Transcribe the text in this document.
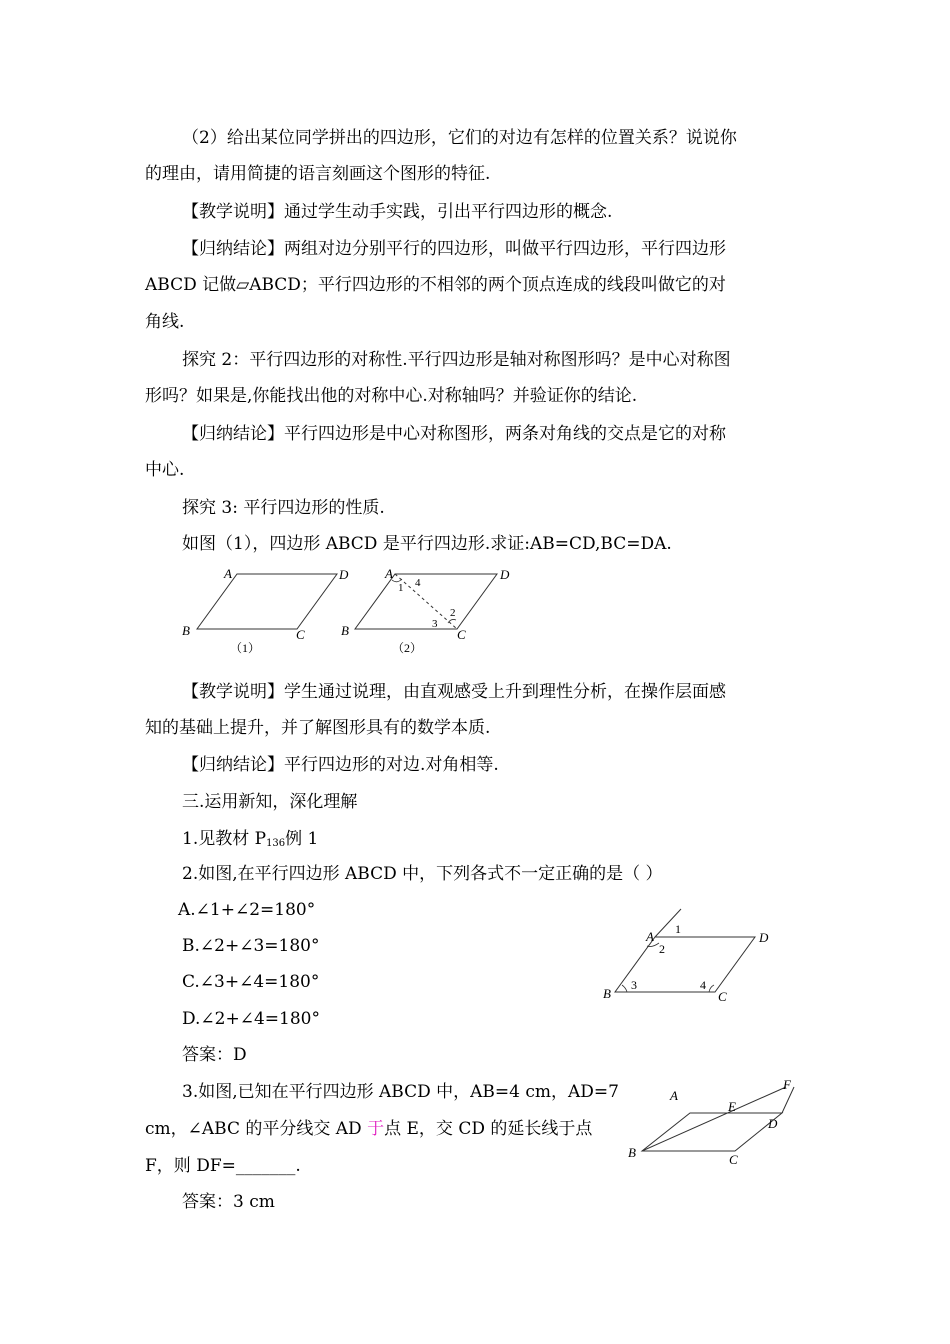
（2）给出某位同学拼出的四边形，它们的对边有怎样的位置关系？说说你
的理由，请用简捷的语言刻画这个图形的特征.
【教学说明】通过学生动手实践，引出平行四边形的概念.
【归纳结论】两组对边分别平行的四边形，叫做平行四边形，平行四边形
ABCD 记做▱ABCD；平行四边形的不相邻的两个顶点连成的线段叫做它的对
角线.
探究 2：平行四边形的对称性.平行四边形是轴对称图形吗？是中心对称图
形吗？如果是,你能找出他的对称中心.对称轴吗？并验证你的结论.
【归纳结论】平行四边形是中心对称图形，两条对角线的交点是它的对称
中心.
探究 3: 平行四边形的性质.
如图（1），四边形 ABCD 是平行四边形.求证:AB=CD,BC=DA.
A	D
B	C
（1）
A	D
B	C
1 4
2
3
（2）
【教学说明】学生通过说理，由直观感受上升到理性分析，在操作层面感
知的基础上提升，并了解图形具有的数学本质.
【归纳结论】平行四边形的对边.对角相等.
三.运用新知，深化理解
1.见教材 $P_{136}$例 1
2.如图,在平行四边形 ABCD 中，下列各式不一定正确的是（ ）
A.∠1+∠2=180°
B.∠2+∠3=180°
C.∠3+∠4=180°
D.∠2+∠4=180°
答案：D
A	D
B	C
1
2
3	4
3.如图,已知在平行四边形 ABCD 中，AB=4 cm，AD=7
cm，∠ABC 的平分线交 AD 于点 E，交 CD 的延长线于点
F，则 DF=_______.
答案：3 cm
A
F
E
D
B	C
